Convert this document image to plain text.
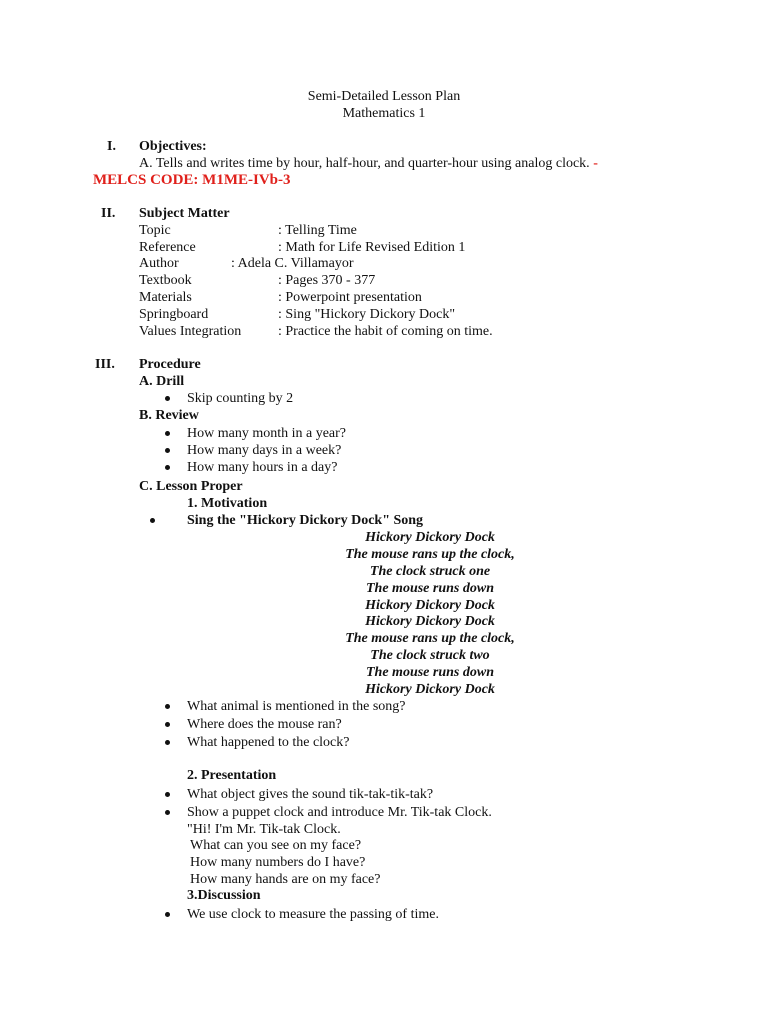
Semi-Detailed Lesson Plan
Mathematics 1
I. Objectives:
A. Tells and writes time by hour, half-hour, and quarter-hour using analog clock. -
MELCS CODE: M1ME-IVb-3
II. Subject Matter
Topic	: Telling Time
Reference	: Math for Life Revised Edition 1
Author	: Adela C. Villamayor
Textbook	: Pages 370 - 377
Materials	: Powerpoint presentation
Springboard	: Sing "Hickory Dickory Dock"
Values Integration	: Practice the habit of coming on time.
III. Procedure
A. Drill
Skip counting by 2
B. Review
How many month in a year?
How many days in a week?
How many hours in a day?
C. Lesson Proper
1. Motivation
Sing the "Hickory Dickory Dock" Song
Hickory Dickory Dock
The mouse rans up the clock,
The clock struck one
The mouse runs down
Hickory Dickory Dock
Hickory Dickory Dock
The mouse rans up the clock,
The clock struck two
The mouse runs down
Hickory Dickory Dock
What animal is mentioned in the song?
Where does the mouse ran?
What happened to the clock?
2. Presentation
What object gives the sound tik-tak-tik-tak?
Show a puppet clock and introduce Mr. Tik-tak Clock.
"Hi! I'm Mr. Tik-tak Clock.
What can you see on my face?
How many numbers do I have?
How many hands are on my face?
3.Discussion
We use clock to measure the passing of time.
